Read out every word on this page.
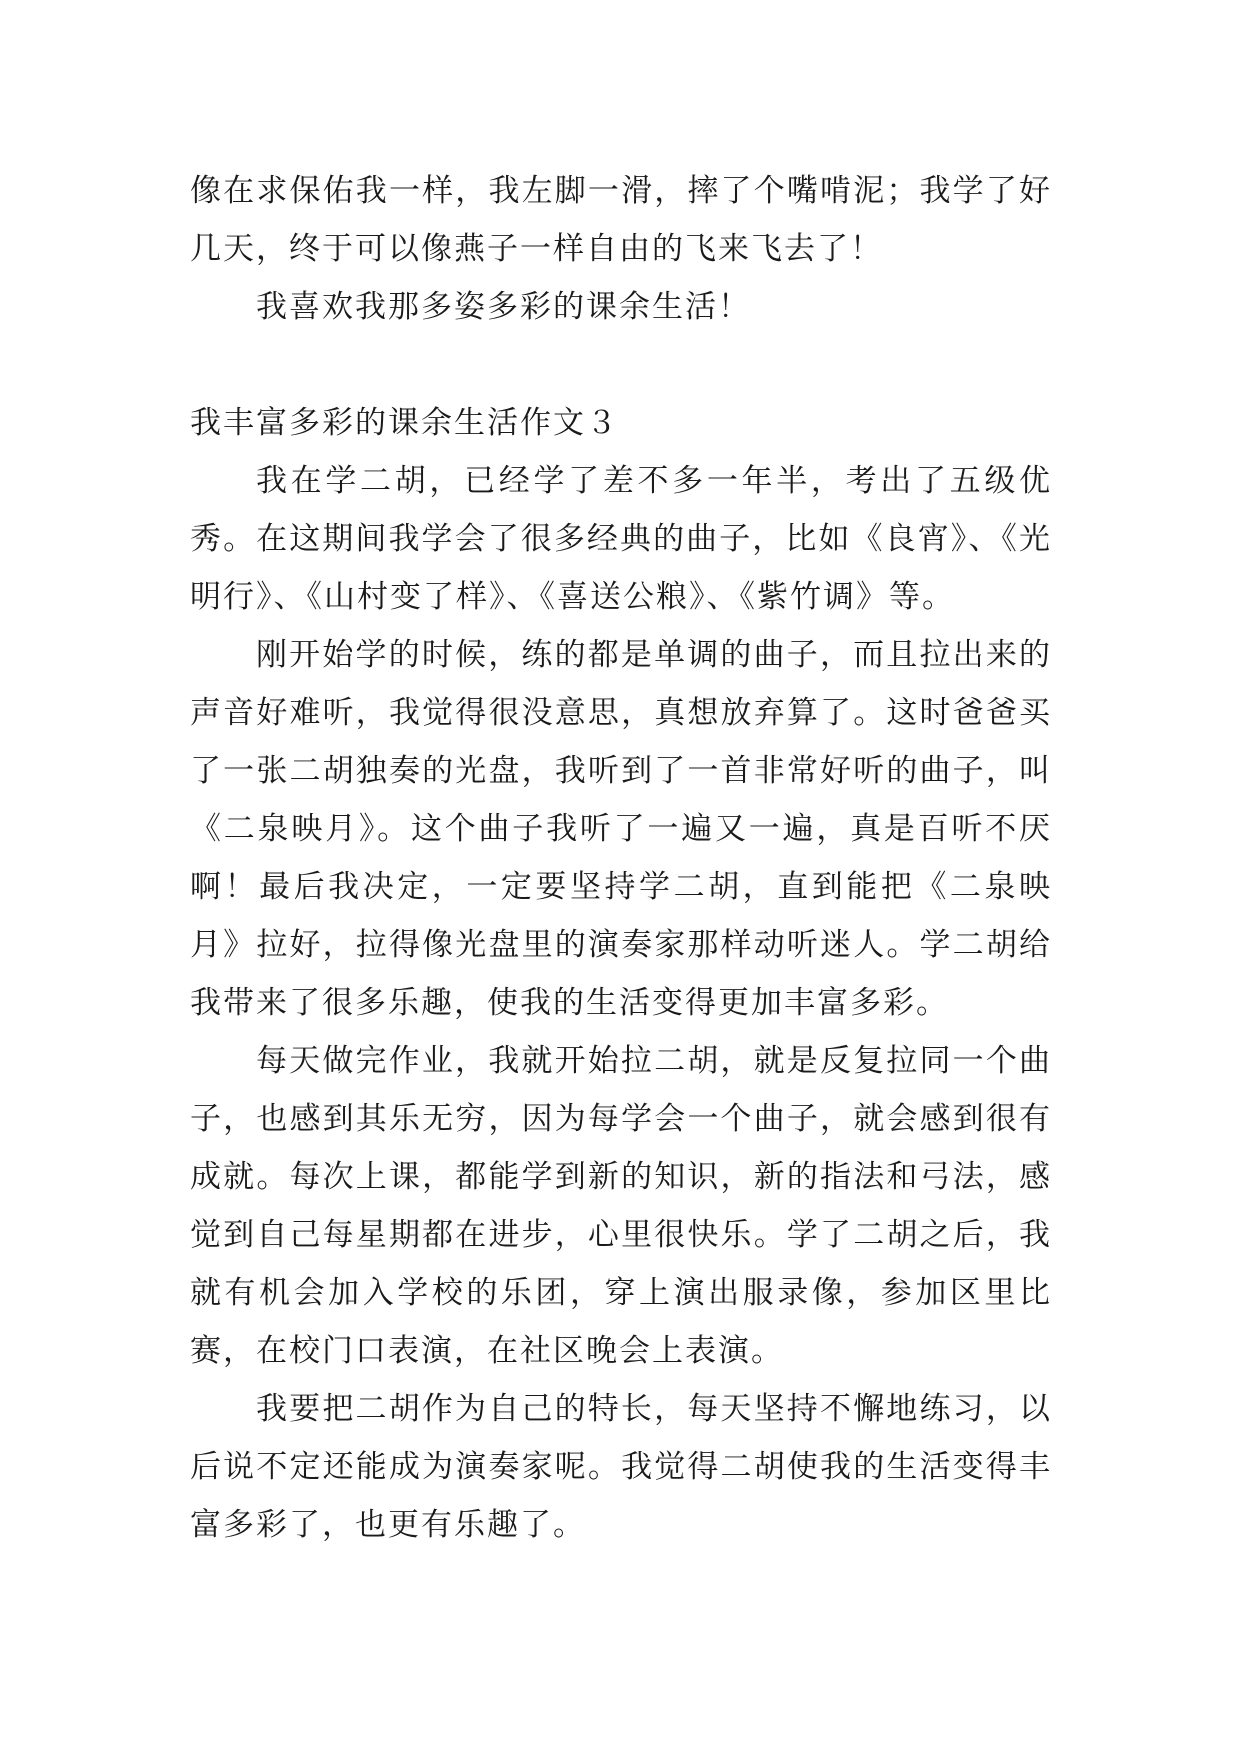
像在求保佑我一样，我左脚一滑，摔了个嘴啃泥；我学了好几天，终于可以像燕子一样自由的飞来飞去了！

我喜欢我那多姿多彩的课余生活！

我丰富多彩的课余生活作文３

我在学二胡，已经学了差不多一年半，考出了五级优秀。在这期间我学会了很多经典的曲子，比如《良宵》、《光明行》、《山村变了样》、《喜送公粮》、《紫竹调》等。

刚开始学的时候，练的都是单调的曲子，而且拉出来的声音好难听，我觉得很没意思，真想放弃算了。这时爸爸买了一张二胡独奏的光盘，我听到了一首非常好听的曲子，叫《二泉映月》。这个曲子我听了一遍又一遍，真是百听不厌啊！最后我决定，一定要坚持学二胡，直到能把《二泉映月》拉好，拉得像光盘里的演奏家那样动听迷人。学二胡给我带来了很多乐趣，使我的生活变得更加丰富多彩。

每天做完作业，我就开始拉二胡，就是反复拉同一个曲子，也感到其乐无穷，因为每学会一个曲子，就会感到很有成就。每次上课，都能学到新的知识，新的指法和弓法，感觉到自己每星期都在进步，心里很快乐。学了二胡之后，我就有机会加入学校的乐团，穿上演出服录像，参加区里比赛，在校门口表演，在社区晚会上表演。

我要把二胡作为自己的特长，每天坚持不懈地练习，以后说不定还能成为演奏家呢。我觉得二胡使我的生活变得丰富多彩了，也更有乐趣了。
